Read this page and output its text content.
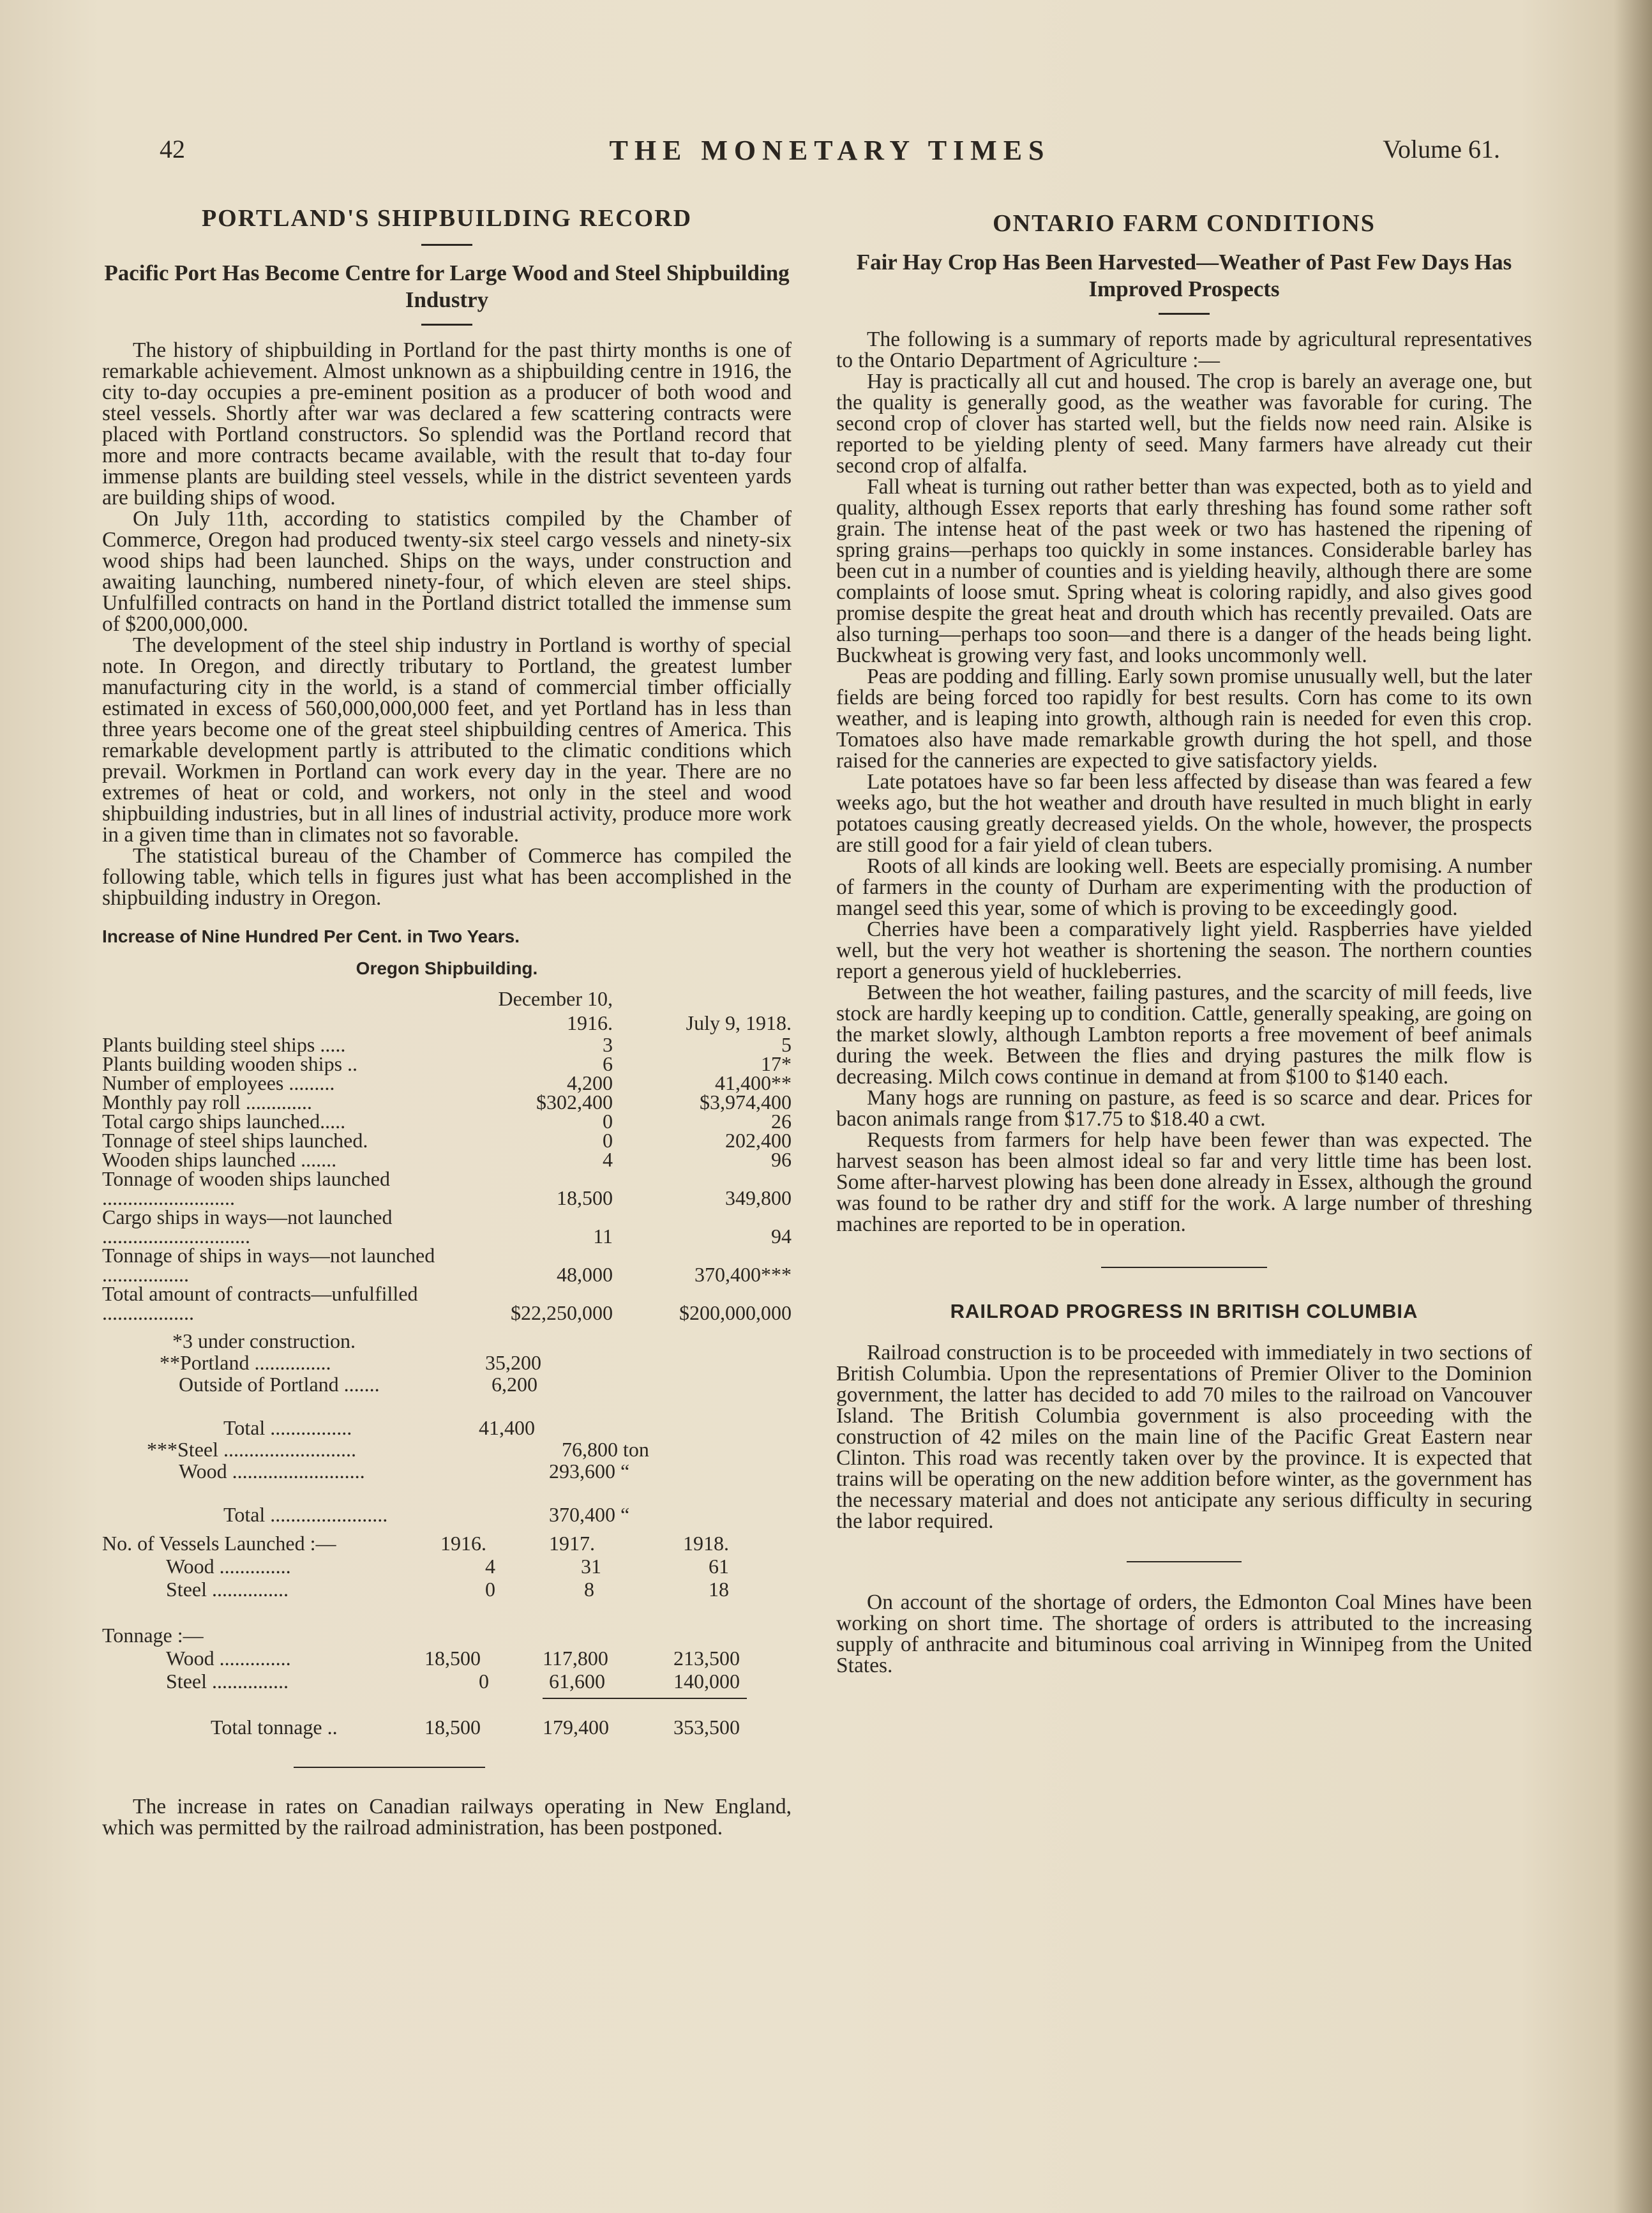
42	THE MONETARY TIMES	Volume 61.
PORTLAND'S SHIPBUILDING RECORD
Pacific Port Has Become Centre for Large Wood and Steel Shipbuilding Industry

The history of shipbuilding in Portland for the past thirty months is one of remarkable achievement. Almost unknown as a shipbuilding centre in 1916, the city to-day occupies a pre-eminent position as a producer of both wood and steel vessels. Shortly after war was declared a few scattering contracts were placed with Portland constructors. So splendid was the Portland record that more and more contracts became available, with the result that to-day four immense plants are building steel vessels, while in the district seventeen yards are building ships of wood.

On July 11th, according to statistics compiled by the Chamber of Commerce, Oregon had produced twenty-six steel cargo vessels and ninety-six wood ships had been launched. Ships on the ways, under construction and awaiting launching, numbered ninety-four, of which eleven are steel ships. Unfulfilled contracts on hand in the Portland district totalled the immense sum of $200,000,000.

The development of the steel ship industry in Portland is worthy of special note. In Oregon, and directly tributary to Portland, the greatest lumber manufacturing city in the world, is a stand of commercial timber officially estimated in excess of 560,000,000,000 feet, and yet Portland has in less than three years become one of the great steel shipbuilding centres of America. This remarkable development partly is attributed to the climatic conditions which prevail. Workmen in Portland can work every day in the year. There are no extremes of heat or cold, and workers, not only in the steel and wood shipbuilding industries, but in all lines of industrial activity, produce more work in a given time than in climates not so favorable.

The statistical bureau of the Chamber of Commerce has compiled the following table, which tells in figures just what has been accomplished in the shipbuilding industry in Oregon.

Increase of Nine Hundred Per Cent. in Two Years.
Oregon Shipbuilding.
	December 10, 1916.	July 9, 1918.
Plants building steel ships .....	3	5
Plants building wooden ships ..	6	17*
Number of employees .........	4,200	41,400**
Monthly pay roll .............	$302,400	$3,974,400
Total cargo ships launched.....	0	26
Tonnage of steel ships launched.	0	202,400
Wooden ships launched .......	4	96
Tonnage of wooden ships launched ..........................	18,500	349,800
Cargo ships in ways—not launched .............................	11	94
Tonnage of ships in ways—not launched .................	48,000	370,400***
Total amount of contracts—unfulfilled ..................	$22,250,000	$200,000,000
*3 under construction.
**Portland ...............	35,200
Outside of Portland .......	6,200
Total ................	41,400
***Steel ..........................	76,800 ton
Wood ..........................	293,600 “
Total .......................	370,400 “
No. of Vessels Launched :—	1916.	1917.	1918.
Wood ..............	4	31	61
Steel ...............	0	8	18
Tonnage :—
Wood ..............	18,500	117,800	213,500
Steel ...............	0	61,600	140,000
Total tonnage ..	18,500	179,400	353,500

The increase in rates on Canadian railways operating in New England, which was permitted by the railroad administration, has been postponed.

ONTARIO FARM CONDITIONS
Fair Hay Crop Has Been Harvested—Weather of Past Few Days Has Improved Prospects

The following is a summary of reports made by agricultural representatives to the Ontario Department of Agriculture :—

Hay is practically all cut and housed. The crop is barely an average one, but the quality is generally good, as the weather was favorable for curing. The second crop of clover has started well, but the fields now need rain. Alsike is reported to be yielding plenty of seed. Many farmers have already cut their second crop of alfalfa.

Fall wheat is turning out rather better than was expected, both as to yield and quality, although Essex reports that early threshing has found some rather soft grain. The intense heat of the past week or two has hastened the ripening of spring grains—perhaps too quickly in some instances. Considerable barley has been cut in a number of counties and is yielding heavily, although there are some complaints of loose smut. Spring wheat is coloring rapidly, and also gives good promise despite the great heat and drouth which has recently prevailed. Oats are also turning—perhaps too soon—and there is a danger of the heads being light. Buckwheat is growing very fast, and looks uncommonly well.

Peas are podding and filling. Early sown promise unusually well, but the later fields are being forced too rapidly for best results. Corn has come to its own weather, and is leaping into growth, although rain is needed for even this crop. Tomatoes also have made remarkable growth during the hot spell, and those raised for the canneries are expected to give satisfactory yields.

Late potatoes have so far been less affected by disease than was feared a few weeks ago, but the hot weather and drouth have resulted in much blight in early potatoes causing greatly decreased yields. On the whole, however, the prospects are still good for a fair yield of clean tubers.

Roots of all kinds are looking well. Beets are especially promising. A number of farmers in the county of Durham are experimenting with the production of mangel seed this year, some of which is proving to be exceedingly good.

Cherries have been a comparatively light yield. Raspberries have yielded well, but the very hot weather is shortening the season. The northern counties report a generous yield of huckleberries.

Between the hot weather, failing pastures, and the scarcity of mill feeds, live stock are hardly keeping up to condition. Cattle, generally speaking, are going on the market slowly, although Lambton reports a free movement of beef animals during the week. Between the flies and drying pastures the milk flow is decreasing. Milch cows continue in demand at from $100 to $140 each.

Many hogs are running on pasture, as feed is so scarce and dear. Prices for bacon animals range from $17.75 to $18.40 a cwt.

Requests from farmers for help have been fewer than was expected. The harvest season has been almost ideal so far and very little time has been lost. Some after-harvest plowing has been done already in Essex, although the ground was found to be rather dry and stiff for the work. A large number of threshing machines are reported to be in operation.

RAILROAD PROGRESS IN BRITISH COLUMBIA

Railroad construction is to be proceeded with immediately in two sections of British Columbia. Upon the representations of Premier Oliver to the Dominion government, the latter has decided to add 70 miles to the railroad on Vancouver Island. The British Columbia government is also proceeding with the construction of 42 miles on the main line of the Pacific Great Eastern near Clinton. This road was recently taken over by the province. It is expected that trains will be operating on the new addition before winter, as the government has the necessary material and does not anticipate any serious difficulty in securing the labor required.

On account of the shortage of orders, the Edmonton Coal Mines have been working on short time. The shortage of orders is attributed to the increasing supply of anthracite and bituminous coal arriving in Winnipeg from the United States.
